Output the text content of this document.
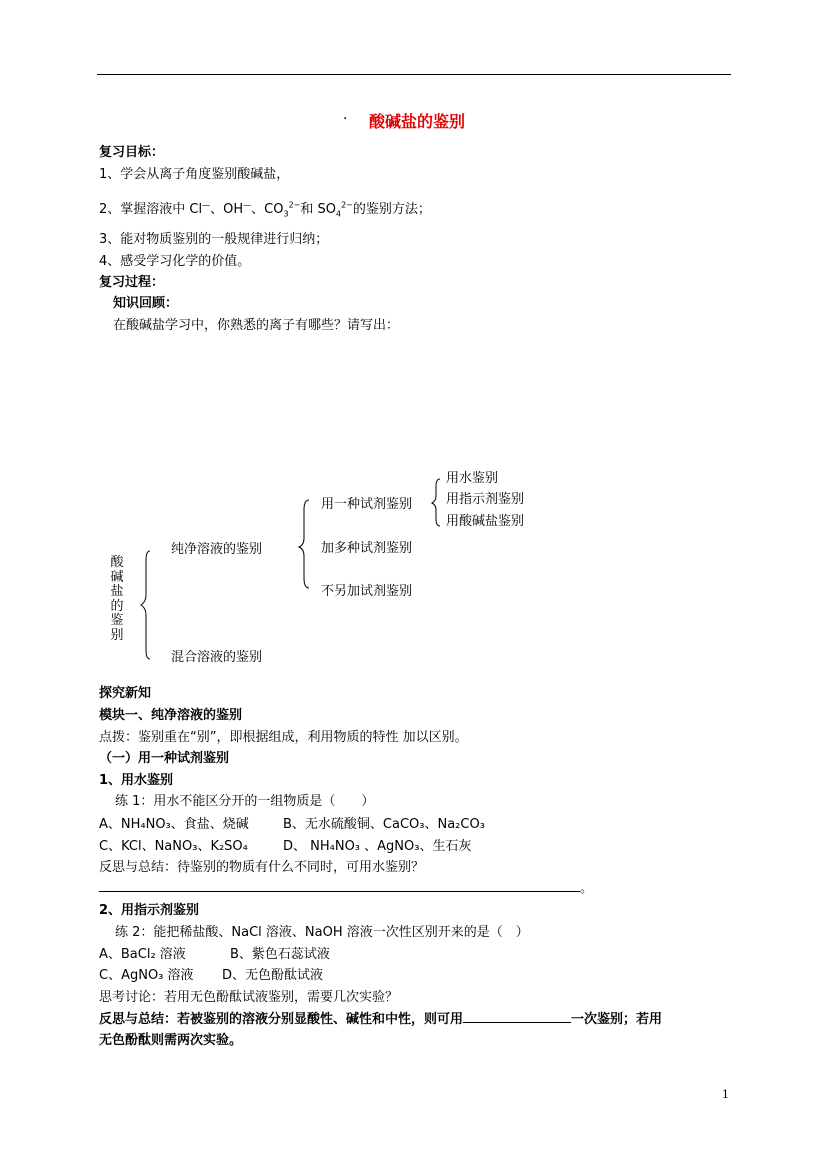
· 酸碱盐的鉴别
复习目标：
1、学会从离子角度鉴别酸碱盐，
2、掌握溶液中 Cl—、OH—、$CO_3^{2-}$和 $SO_4^{2-}$的鉴别方法；
3、能对物质鉴别的一般规律进行归纳；
4、感受学习化学的价值。
复习过程：
知识回顾：
在酸碱盐学习中，你熟悉的离子有哪些？请写出：
酸碱盐的鉴别
纯净溶液的鉴别
混合溶液的鉴别
用一种试剂鉴别
加多种试剂鉴别
不另加试剂鉴别
用水鉴别
用指示剂鉴别
用酸碱盐鉴别
探究新知
模块一、纯净溶液的鉴别
点拨：鉴别重在“别”，即根据组成，利用物质的特性 加以区别。
（一）用一种试剂鉴别
1、用水鉴别
练 1：用水不能区分开的一组物质是（　　）
A、NH₄NO₃、食盐、烧碱	B、无水硫酸铜、CaCO₃、Na₂CO₃
C、KCl、NaNO₃、K₂SO₄	D、 NH₄NO₃ 、AgNO₃、生石灰
反思与总结：待鉴别的物质有什么不同时，可用水鉴别？
。
2、用指示剂鉴别
练 2：能把稀盐酸、NaCl 溶液、NaOH 溶液一次性区别开来的是（　）
A、BaCl₂ 溶液	B、紫色石蕊试液
C、AgNO₃ 溶液 D、无色酚酞试液
思考讨论：若用无色酚酞试液鉴别，需要几次实验？
反思与总结：若被鉴别的溶液分别显酸性、碱性和中性，则可用	一次鉴别；若用
无色酚酞则需两次实验。
1
